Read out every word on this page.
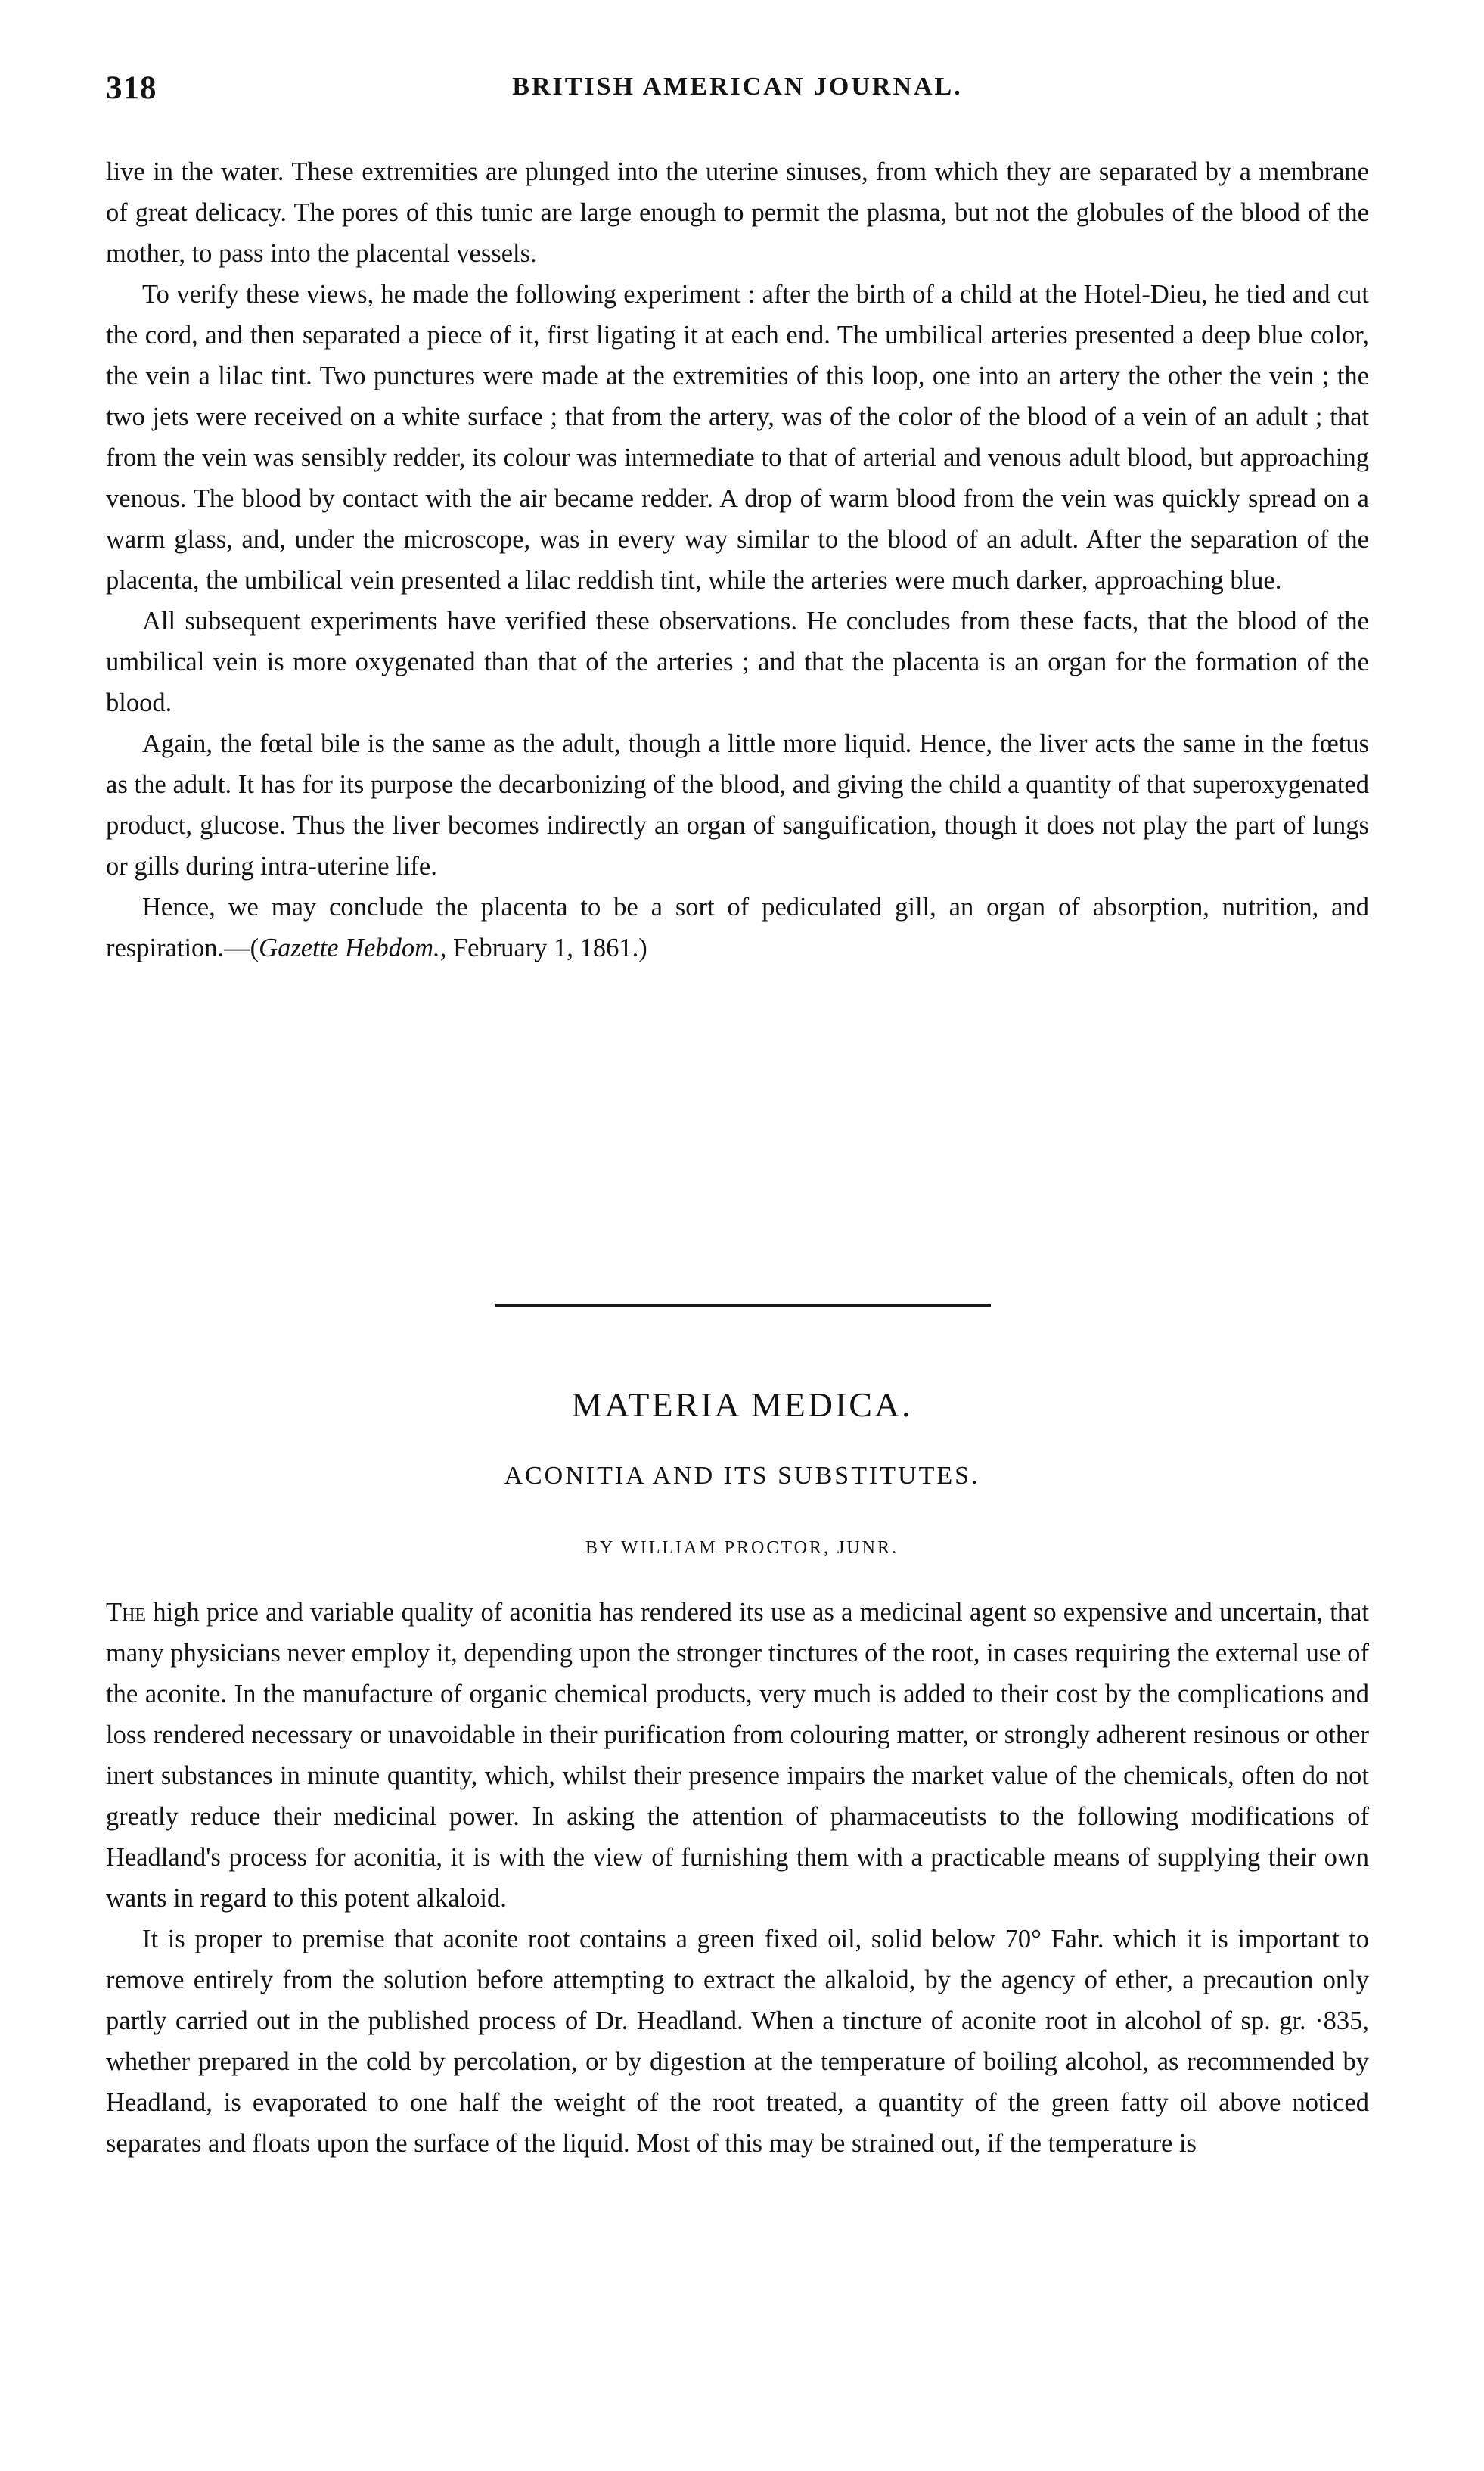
318	BRITISH AMERICAN JOURNAL.

live in the water. These extremities are plunged into the uterine sinuses, from which they are separated by a membrane of great delicacy. The pores of this tunic are large enough to permit the plasma, but not the globules of the blood of the mother, to pass into the placental vessels.

To verify these views, he made the following experiment : after the birth of a child at the Hotel-Dieu, he tied and cut the cord, and then separated a piece of it, first ligating it at each end. The umbilical arteries presented a deep blue color, the vein a lilac tint. Two punctures were made at the extremities of this loop, one into an artery the other the vein ; the two jets were received on a white surface ; that from the artery, was of the color of the blood of a vein of an adult ; that from the vein was sensibly redder, its colour was intermediate to that of arterial and venous adult blood, but approaching venous. The blood by contact with the air became redder. A drop of warm blood from the vein was quickly spread on a warm glass, and, under the microscope, was in every way similar to the blood of an adult. After the separation of the placenta, the umbilical vein presented a lilac reddish tint, while the arteries were much darker, approaching blue.

All subsequent experiments have verified these observations. He concludes from these facts, that the blood of the umbilical vein is more oxygenated than that of the arteries ; and that the placenta is an organ for the formation of the blood.

Again, the fœtal bile is the same as the adult, though a little more liquid. Hence, the liver acts the same in the fœtus as the adult. It has for its purpose the decarbonizing of the blood, and giving the child a quantity of that superoxygenated product, glucose. Thus the liver becomes indirectly an organ of sanguification, though it does not play the part of lungs or gills during intra-uterine life.

Hence, we may conclude the placenta to be a sort of pediculated gill, an organ of absorption, nutrition, and respiration.—(Gazette Hebdom., February 1, 1861.)

MATERIA MEDICA.
ACONITIA AND ITS SUBSTITUTES.
BY WILLIAM PROCTOR, JUNR.

The high price and variable quality of aconitia has rendered its use as a medicinal agent so expensive and uncertain, that many physicians never employ it, depending upon the stronger tinctures of the root, in cases requiring the external use of the aconite. In the manufacture of organic chemical products, very much is added to their cost by the complications and loss rendered necessary or unavoidable in their purification from colouring matter, or strongly adherent resinous or other inert substances in minute quantity, which, whilst their presence impairs the market value of the chemicals, often do not greatly reduce their medicinal power. In asking the attention of pharmaceutists to the following modifications of Headland's process for aconitia, it is with the view of furnishing them with a practicable means of supplying their own wants in regard to this potent alkaloid.

It is proper to premise that aconite root contains a green fixed oil, solid below 70° Fahr. which it is important to remove entirely from the solution before attempting to extract the alkaloid, by the agency of ether, a precaution only partly carried out in the published process of Dr. Headland. When a tincture of aconite root in alcohol of sp. gr. ·835, whether prepared in the cold by percolation, or by digestion at the temperature of boiling alcohol, as recommended by Headland, is evaporated to one half the weight of the root treated, a quantity of the green fatty oil above noticed separates and floats upon the surface of the liquid. Most of this may be strained out, if the temperature is
